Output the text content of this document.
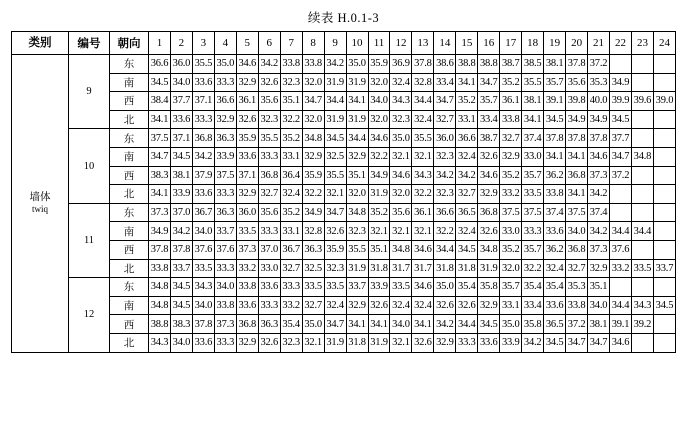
续表 H.0.1-3
类别	编号	朝向	1	2	3	4	5	6	7	8	9	10	11	12	13	14	15	16	17	18	19	20	21	22	23	24

墙体
twiq	9	东	36.6	36.0	35.5	35.0	34.6	34.2	33.8	33.8	34.2	35.0	35.9	36.9	37.8	38.6	38.8	38.8	38.7	38.5	38.1	37.8	37.2			
		南	34.5	34.0	33.6	33.3	32.9	32.6	32.3	32.0	31.9	31.9	32.0	32.4	32.8	33.4	34.1	34.7	35.2	35.5	35.7	35.6	35.3	34.9		
		西	38.4	37.7	37.1	36.6	36.1	35.6	35.1	34.7	34.4	34.1	34.0	34.3	34.4	34.7	35.2	35.7	36.1	38.1	39.1	39.8	40.0	39.9	39.6	39.0
		北	34.1	33.6	33.3	32.9	32.6	32.3	32.2	32.0	31.9	31.9	32.0	32.3	32.4	32.7	33.1	33.4	33.8	34.1	34.5	34.9	34.9	34.5		
	10	东	37.5	37.1	36.8	36.3	35.9	35.5	35.2	34.8	34.5	34.4	34.6	35.0	35.5	36.0	36.6	38.7	32.7	37.4	37.8	37.8	37.8	37.7		
		南	34.7	34.5	34.2	33.9	33.6	33.3	33.1	32.9	32.5	32.9	32.2	32.1	32.1	32.3	32.4	32.6	32.9	33.0	34.1	34.1	34.6	34.7	34.8	
		西	38.3	38.1	37.9	37.5	37.1	36.8	36.4	35.9	35.5	35.1	34.9	34.6	34.3	34.2	34.2	34.6	35.2	35.7	36.2	36.8	37.3	37.2		
		北	34.1	33.9	33.6	33.3	32.9	32.7	32.4	32.2	32.1	32.0	31.9	32.0	32.2	32.3	32.7	32.9	33.2	33.5	33.8	34.1	34.2			
	11	东	37.3	37.0	36.7	36.3	36.0	35.6	35.2	34.9	34.7	34.8	35.2	35.6	36.1	36.6	36.5	36.8	37.5	37.5	37.4	37.5	37.4			
		南	34.9	34.2	34.0	33.7	33.5	33.3	33.1	32.8	32.6	32.3	32.1	32.1	32.1	32.2	32.4	32.6	33.0	33.3	33.6	34.0	34.2	34.4	34.4	
		西	37.8	37.8	37.6	37.6	37.3	37.0	36.7	36.3	35.9	35.5	35.1	34.8	34.6	34.4	34.5	34.8	35.2	35.7	36.2	36.8	37.3	37.6		
		北	33.8	33.7	33.5	33.3	33.2	33.0	32.7	32.5	32.3	31.9	31.8	31.7	31.7	31.8	31.8	31.9	32.0	32.2	32.4	32.7	32.9	33.2	33.5	33.7
	12	东	34.8	34.5	34.3	34.0	33.8	33.6	33.3	33.5	33.5	33.7	33.9	33.5	34.6	35.0	35.4	35.8	35.7	35.4	35.4	35.3	35.1			
		南	34.8	34.5	34.0	33.8	33.6	33.3	33.2	32.7	32.4	32.9	32.6	32.4	32.4	32.6	32.6	32.9	33.1	33.4	33.6	33.8	34.0	34.4	34.3	34.5
		西	38.8	38.3	37.8	37.3	36.8	36.3	35.4	35.0	34.7	34.1	34.1	34.0	34.1	34.2	34.4	34.5	35.0	35.8	36.5	37.2	38.1	39.1	39.2	
		北	34.3	34.0	33.6	33.3	32.9	32.6	32.3	32.1	31.9	31.8	31.9	32.1	32.6	32.9	33.3	33.6	33.9	34.2	34.5	34.7	34.7	34.6		
